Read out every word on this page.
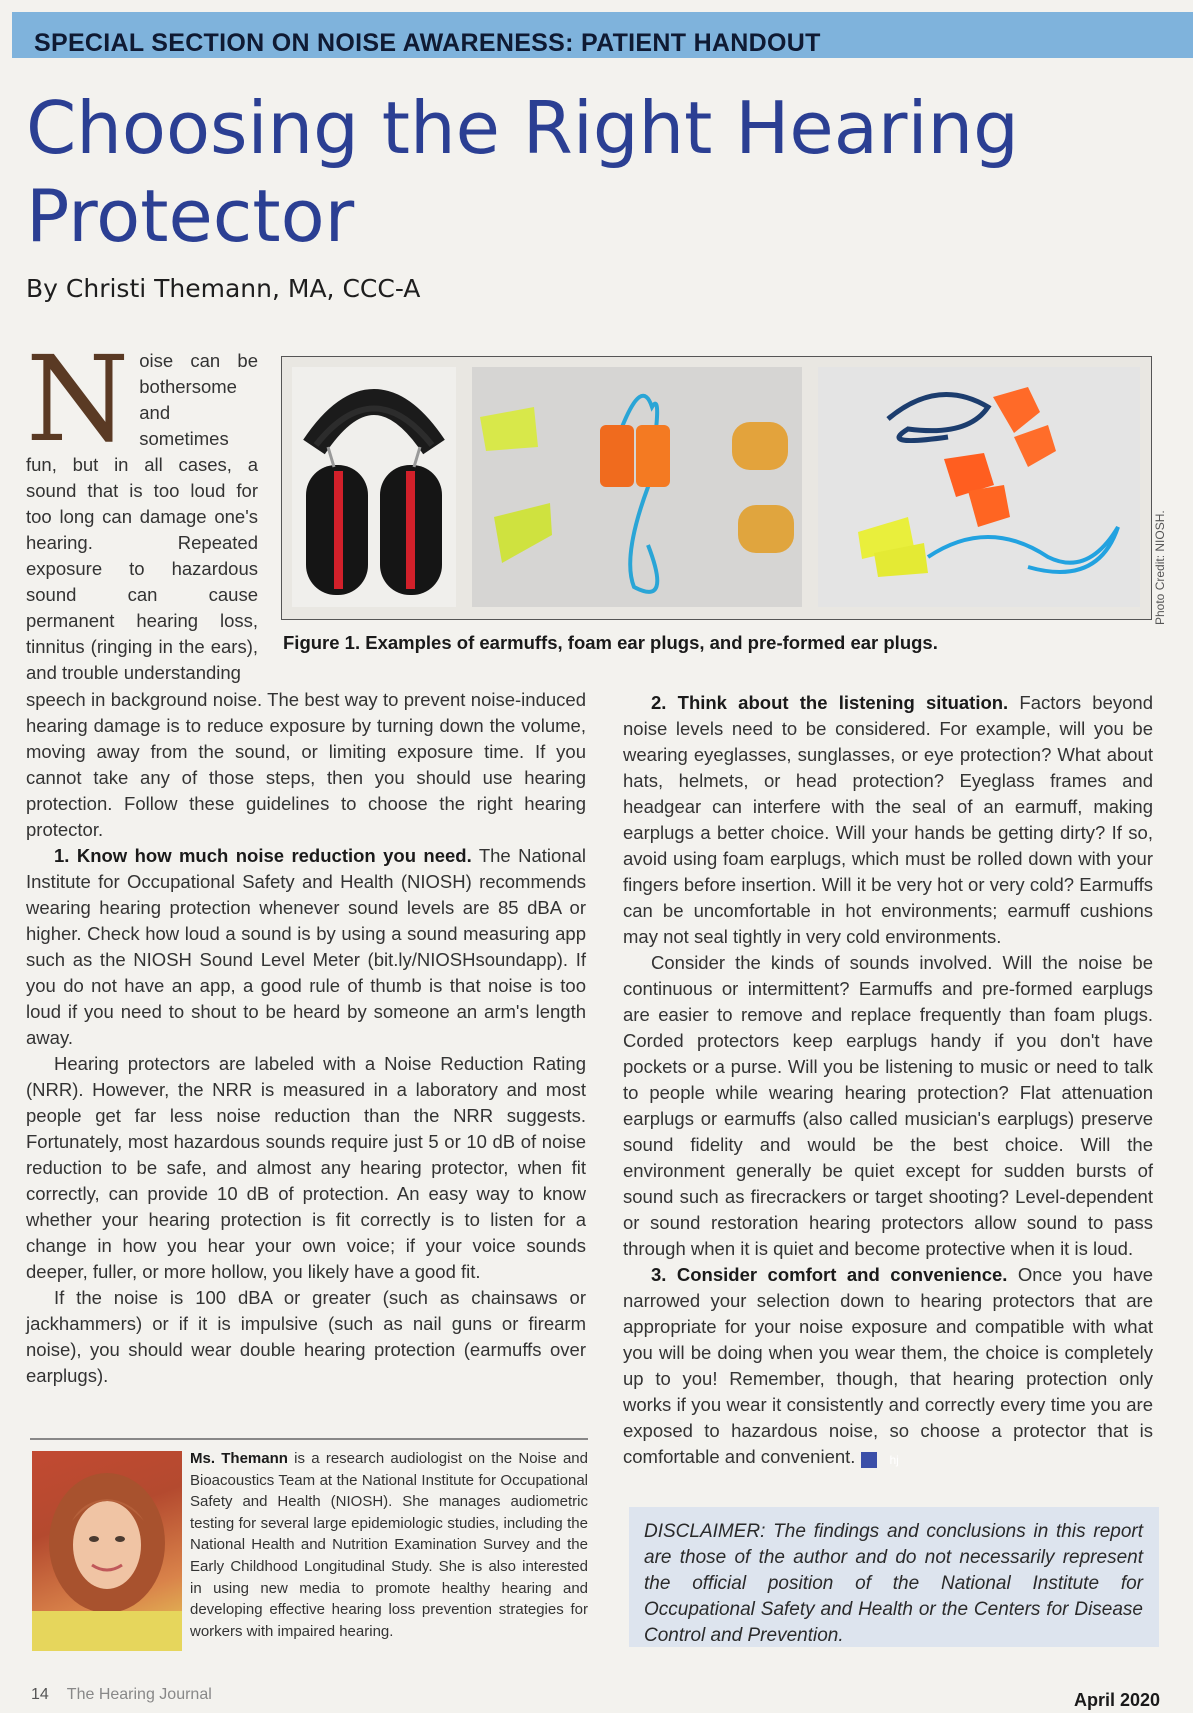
SPECIAL SECTION ON NOISE AWARENESS: PATIENT HANDOUT
Choosing the Right Hearing Protector
By Christi Themann, MA, CCC-A
N oise can be bothersome and sometimes fun, but in all cases, a sound that is too loud for too long can damage one's hearing. Repeated exposure to hazardous sound can cause permanent hearing loss, tinnitus (ringing in the ears), and trouble understanding
Figure 1. Examples of earmuffs, foam ear plugs, and pre-formed ear plugs.
Photo Credit: NIOSH.

speech in background noise. The best way to prevent noise-induced hearing damage is to reduce exposure by turning down the volume, moving away from the sound, or limiting exposure time. If you cannot take any of those steps, then you should use hearing protection. Follow these guidelines to choose the right hearing protector.

1. Know how much noise reduction you need. The National Institute for Occupational Safety and Health (NIOSH) recommends wearing hearing protection whenever sound levels are 85 dBA or higher. Check how loud a sound is by using a sound measuring app such as the NIOSH Sound Level Meter (bit.ly/NIOSHsoundapp). If you do not have an app, a good rule of thumb is that noise is too loud if you need to shout to be heard by someone an arm's length away.

Hearing protectors are labeled with a Noise Reduction Rating (NRR). However, the NRR is measured in a laboratory and most people get far less noise reduction than the NRR suggests. Fortunately, most hazardous sounds require just 5 or 10 dB of noise reduction to be safe, and almost any hearing protector, when fit correctly, can provide 10 dB of protection. An easy way to know whether your hearing protection is fit correctly is to listen for a change in how you hear your own voice; if your voice sounds deeper, fuller, or more hollow, you likely have a good fit.

If the noise is 100 dBA or greater (such as chainsaws or jackhammers) or if it is impulsive (such as nail guns or firearm noise), you should wear double hearing protection (earmuffs over earplugs).

2. Think about the listening situation. Factors beyond noise levels need to be considered. For example, will you be wearing eyeglasses, sunglasses, or eye protection? What about hats, helmets, or head protection? Eyeglass frames and headgear can interfere with the seal of an earmuff, making earplugs a better choice. Will your hands be getting dirty? If so, avoid using foam earplugs, which must be rolled down with your fingers before insertion. Will it be very hot or very cold? Earmuffs can be uncomfortable in hot environments; earmuff cushions may not seal tightly in very cold environments.

Consider the kinds of sounds involved. Will the noise be continuous or intermittent? Earmuffs and pre-formed earplugs are easier to remove and replace frequently than foam plugs. Corded protectors keep earplugs handy if you don't have pockets or a purse. Will you be listening to music or need to talk to people while wearing hearing protection? Flat attenuation earplugs or earmuffs (also called musician's earplugs) preserve sound fidelity and would be the best choice. Will the environment generally be quiet except for sudden bursts of sound such as firecrackers or target shooting? Level-dependent or sound restoration hearing protectors allow sound to pass through when it is quiet and become protective when it is loud.

3. Consider comfort and convenience. Once you have narrowed your selection down to hearing protectors that are appropriate for your noise exposure and compatible with what you will be doing when you wear them, the choice is completely up to you! Remember, though, that hearing protection only works if you wear it consistently and correctly every time you are exposed to hazardous noise, so choose a protector that is comfortable and convenient.	hj

Ms. Themann is a research audiologist on the Noise and Bioacoustics Team at the National Institute for Occupational Safety and Health (NIOSH). She manages audiometric testing for several large epidemiologic studies, including the National Health and Nutrition Examination Survey and the Early Childhood Longitudinal Study. She is also interested in using new media to promote healthy hearing and developing effective hearing loss prevention strategies for workers with impaired hearing.
DISCLAIMER: The findings and conclusions in this report are those of the author and do not necessarily represent the official position of the National Institute for Occupational Safety and Health or the Centers for Disease Control and Prevention.
14 The Hearing Journal	April 2020
